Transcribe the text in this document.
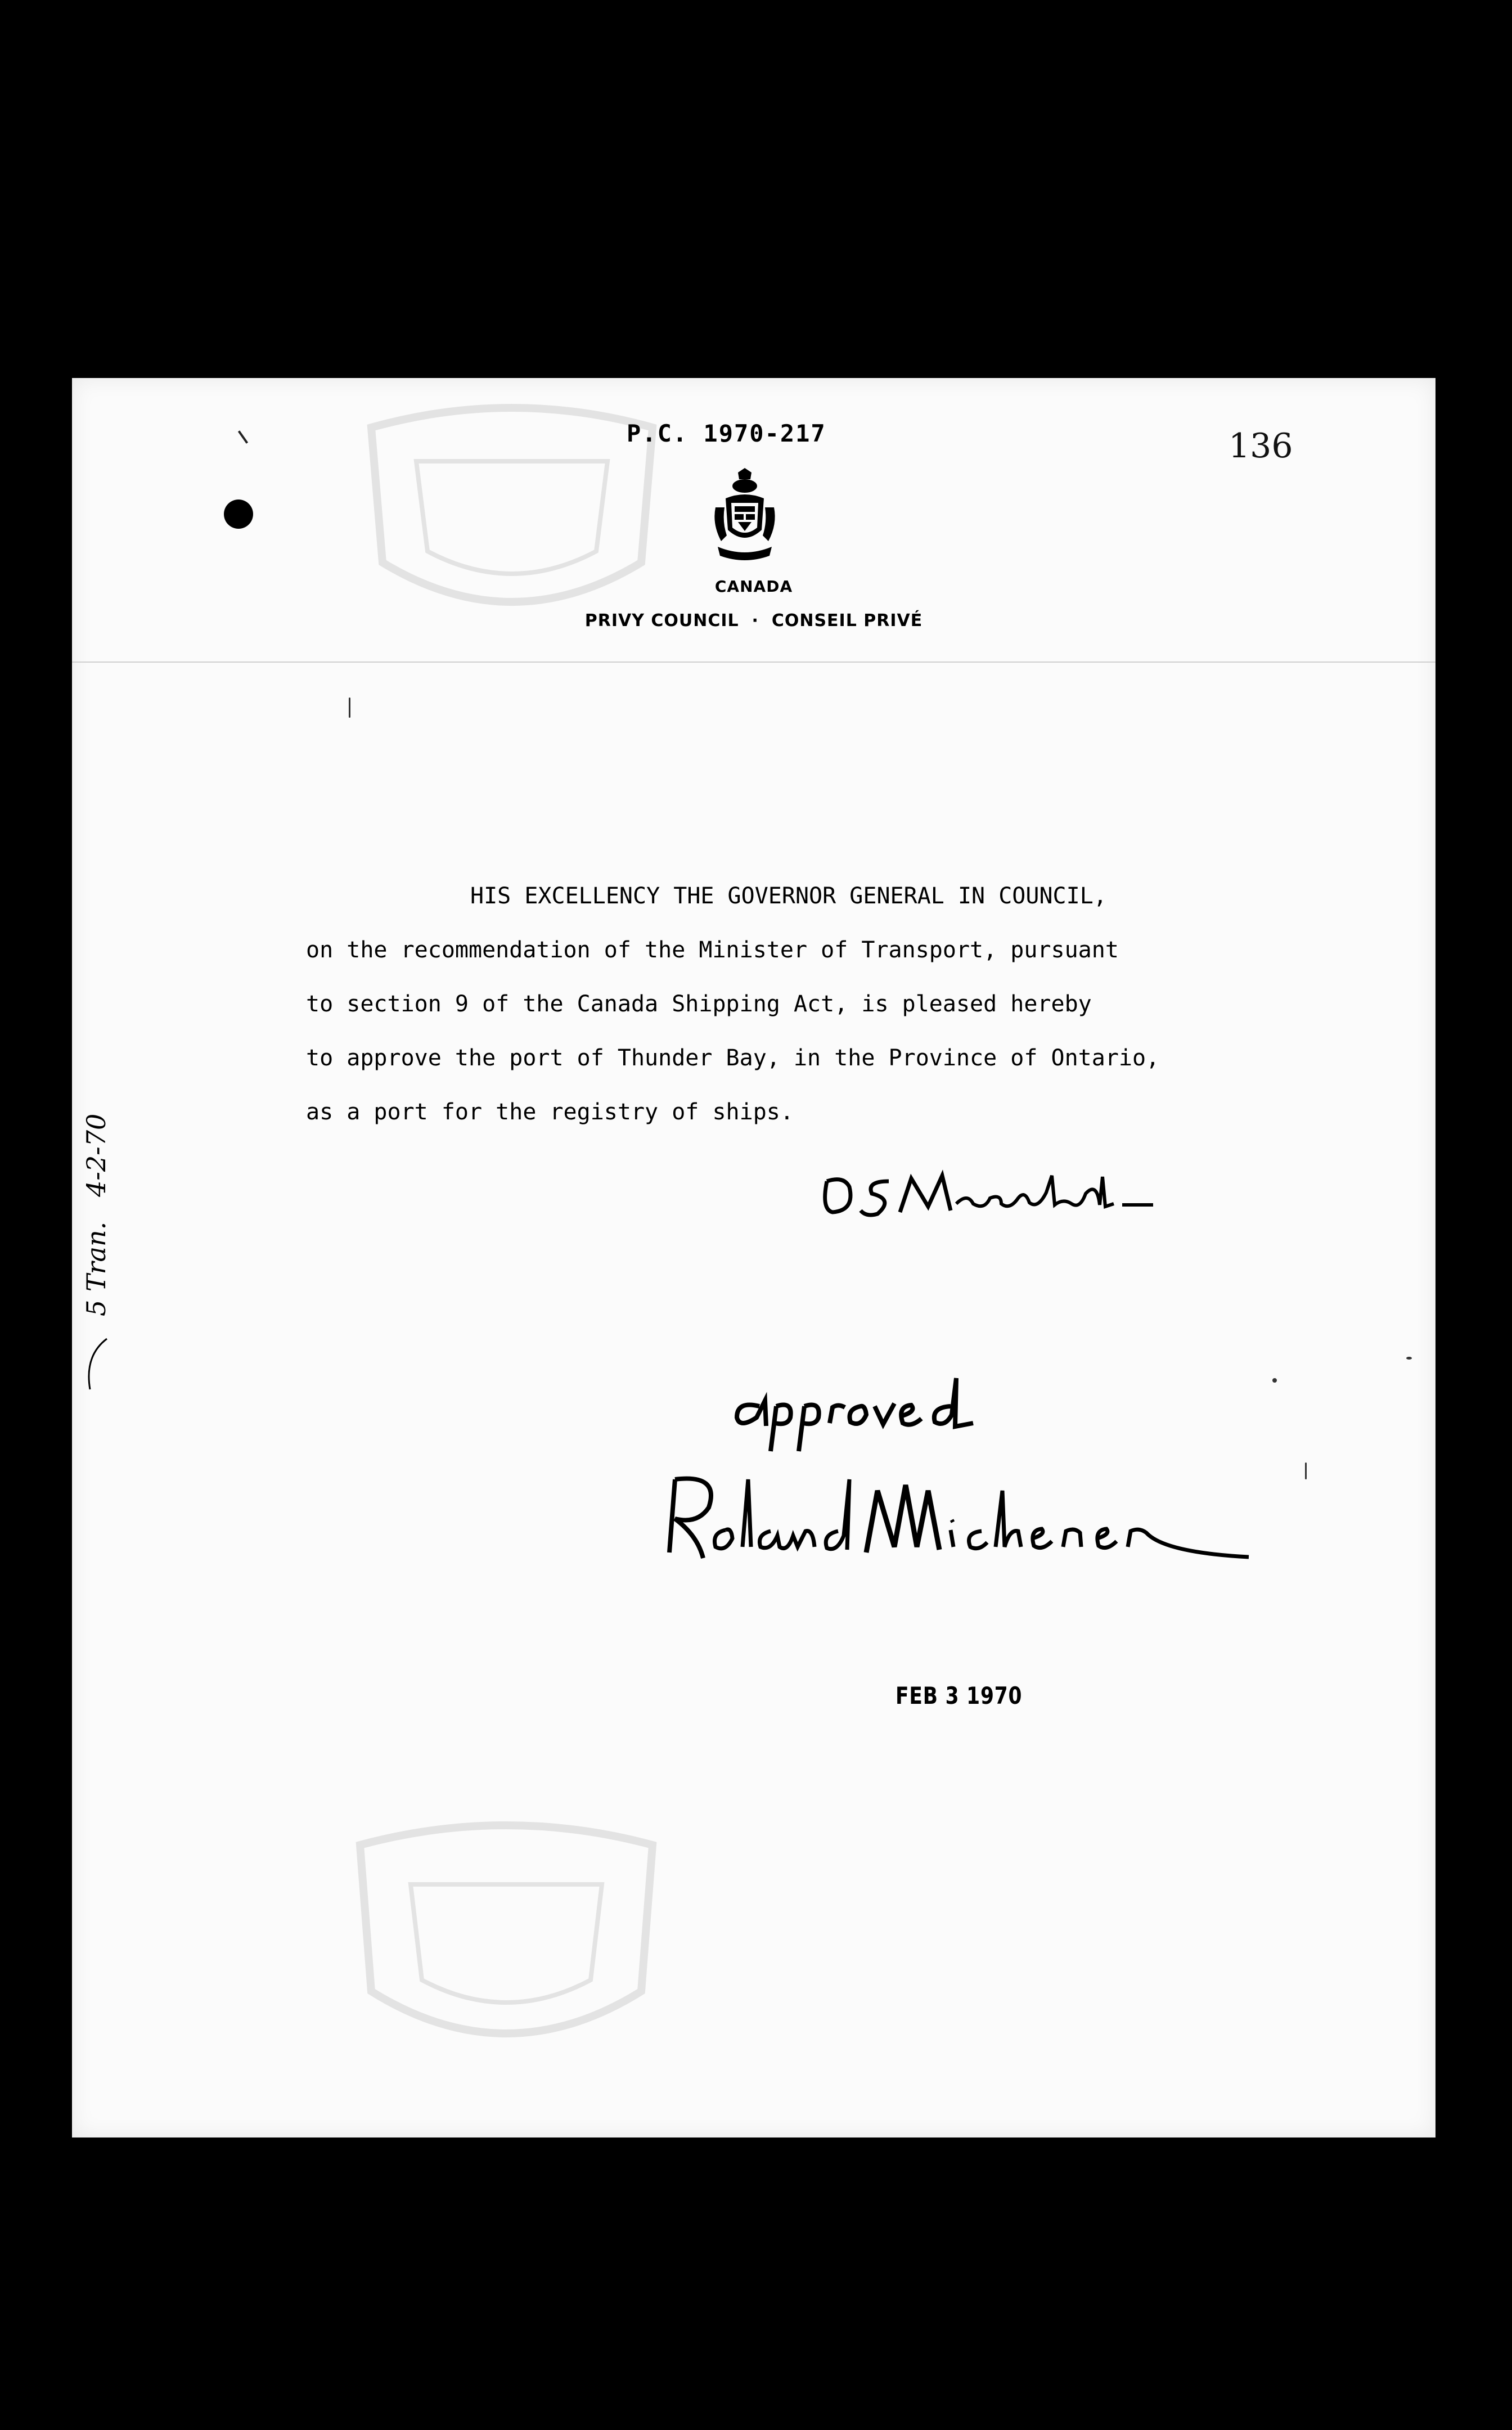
P.C. 1970-217	136
CANADA
PRIVY COUNCIL  ·  CONSEIL PRIVÉ
HIS EXCELLENCY THE GOVERNOR GENERAL IN COUNCIL,
on the recommendation of the Minister of Transport, pursuant
to section 9 of the Canada Shipping Act, is pleased hereby
to approve the port of Thunder Bay, in the Province of Ontario,
as a port for the registry of ships.
5 Tran.   4-2-70
FEB 3 1970
